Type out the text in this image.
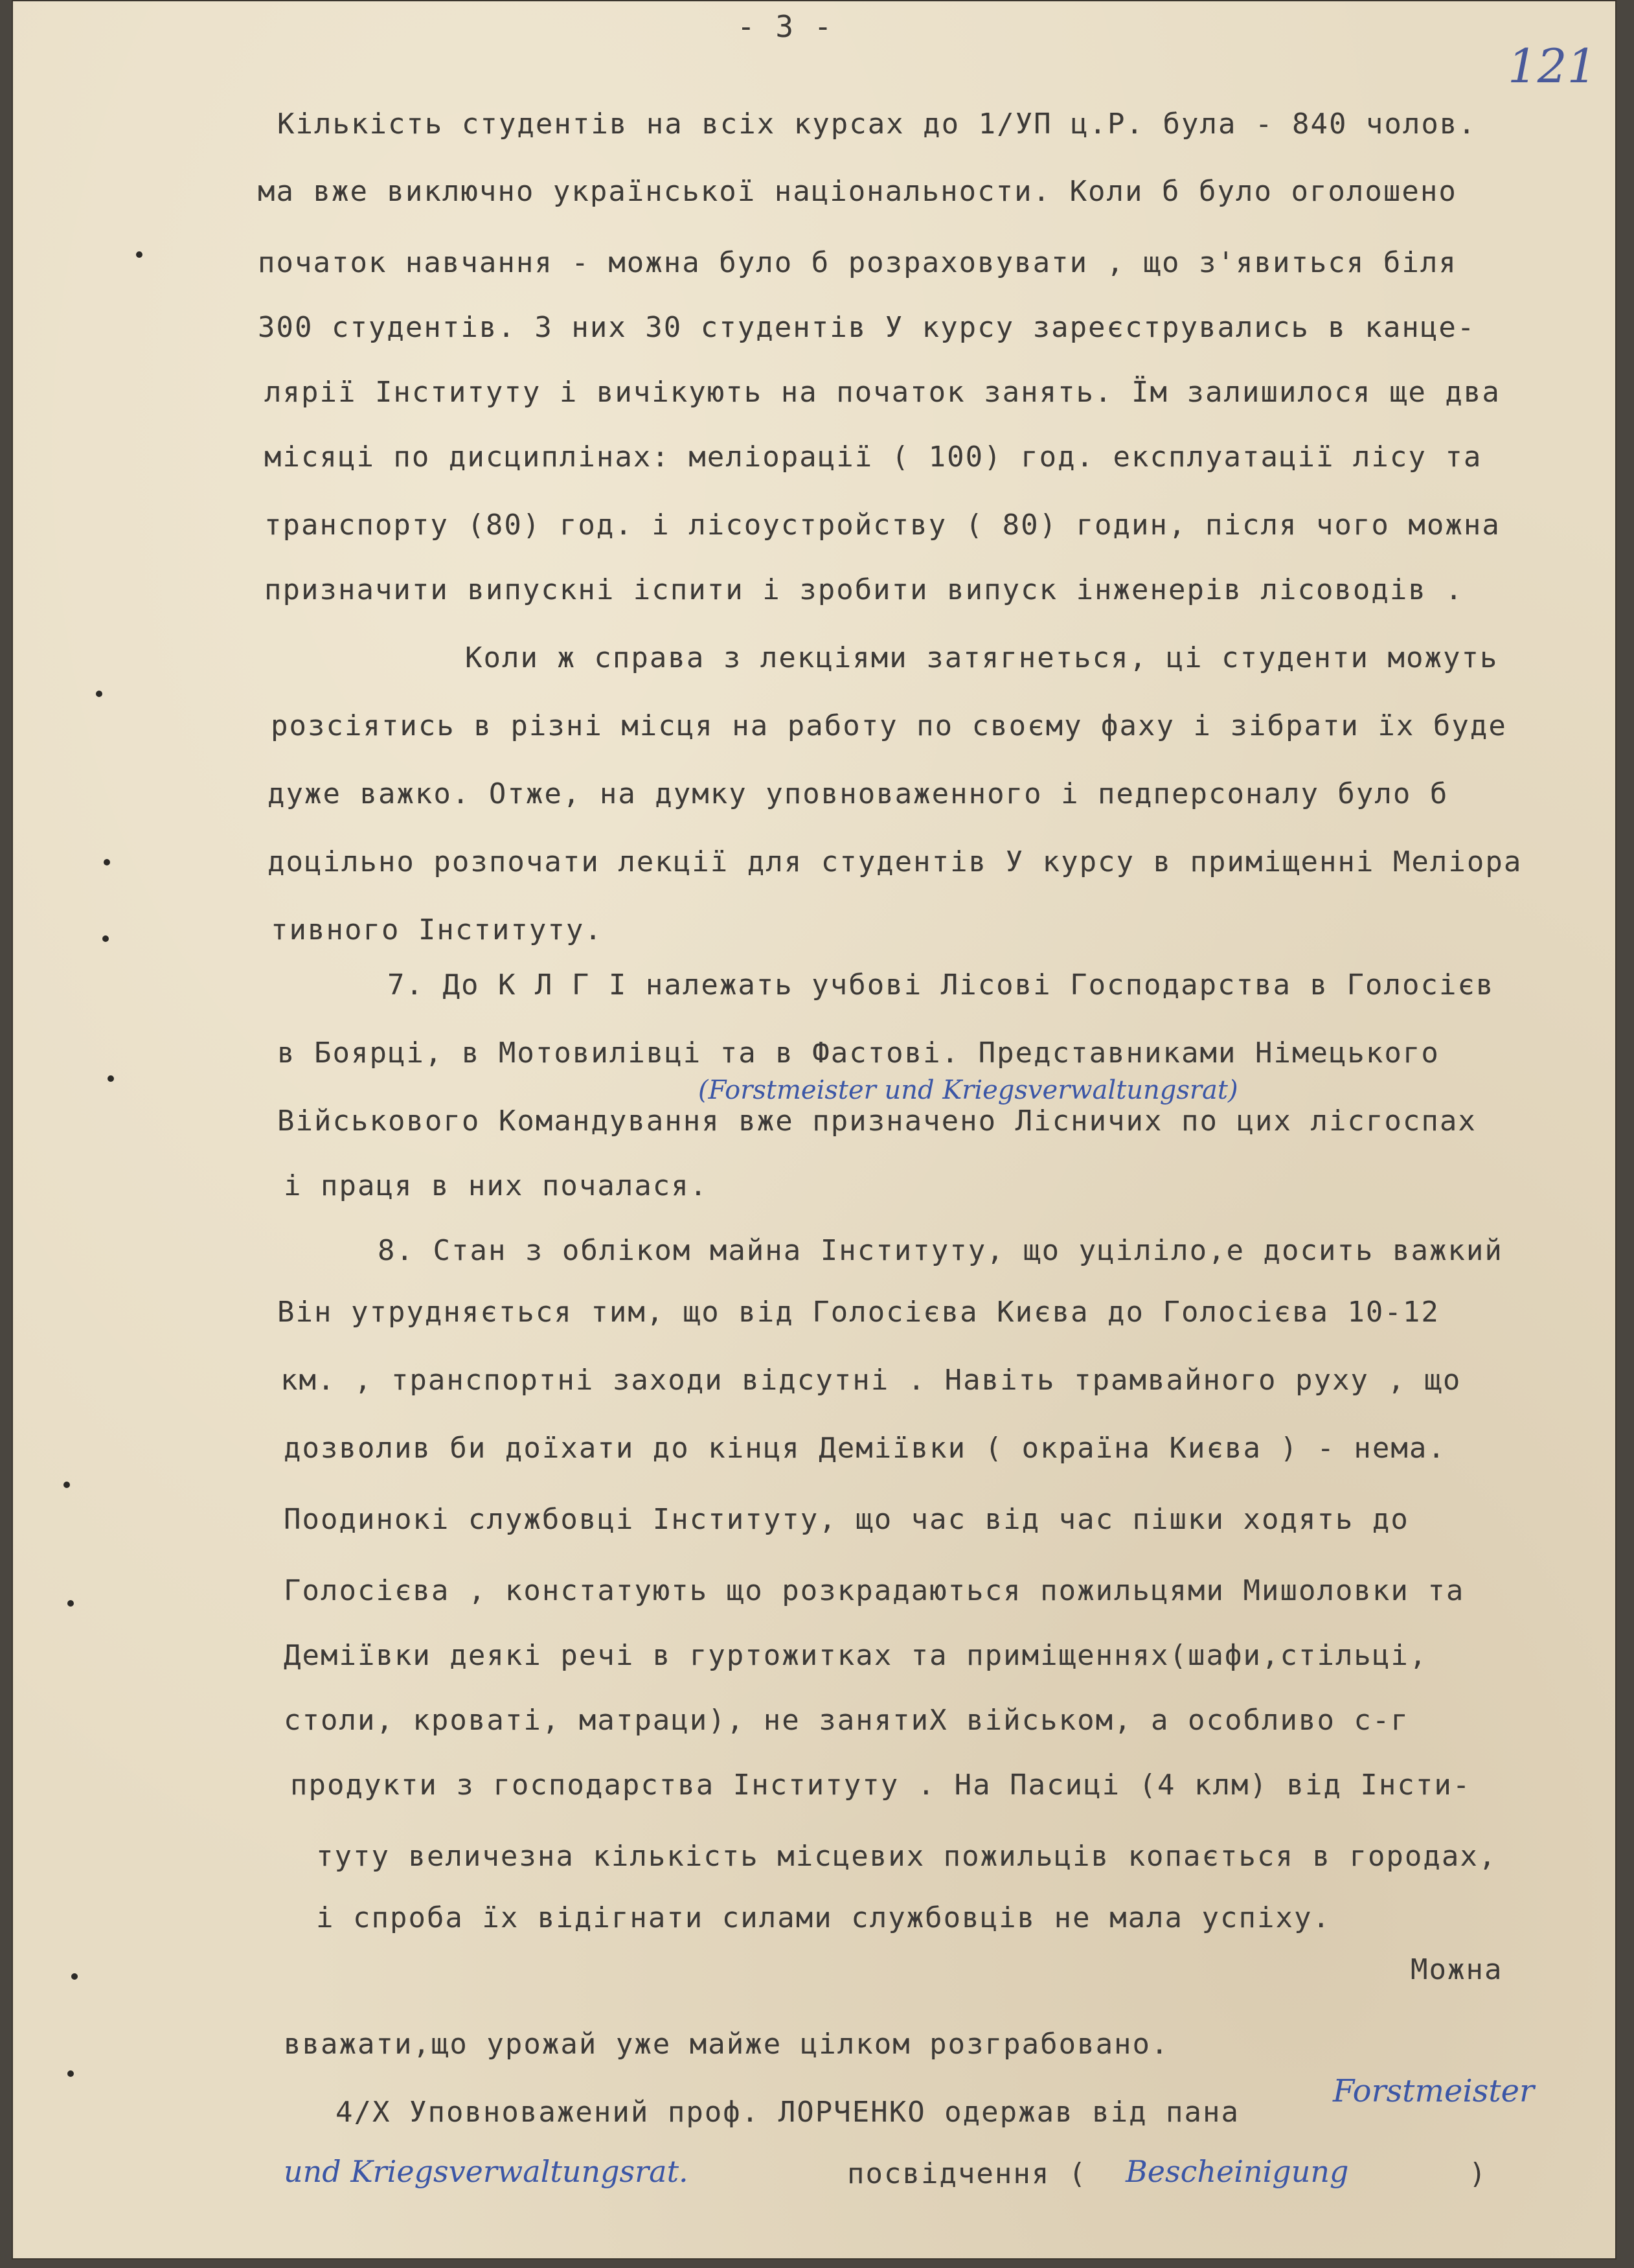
- 3 -
121
Кількість студентів на всіх курсах до 1/УП ц.Р. була - 840 чолов.
ма вже виключно української національности. Коли б було оголошено
початок навчання - можна було б розраховувати , що з'явиться біля
300 студентів. З них 30 студентів У курсу зареєструвались в канце-
лярії Інституту і вичікують на початок занять. Їм залишилося ще два
місяці по дисциплінах: меліорації ( 100) год. експлуатації лісу та
транспорту (80) год. і лісоустройству ( 80) годин, після чого можна
призначити випускні іспити і зробити випуск інженерів лісоводів .
Коли ж справа з лекціями затягнеться, ці студенти можуть
розсіятись в різні місця на работу по своєму фаху і зібрати їх буде
дуже важко. Отже, на думку уповноваженного і педперсоналу було б
доцільно розпочати лекції для студентів У курсу в приміщенні Меліора
тивного Інституту.
7. До К Л Г І належать учбові Лісові Господарства в Голосієв
в Боярці, в Мотовилівці та в Фастові. Представниками Німецького
(Forstmeister und Kriegsverwaltungsrat)
Військового Командування вже призначено Лісничих по цих лісгоспах
і праця в них почалася.
8. Стан з обліком майна Інституту, що уцілілo,е досить важкий
Він утрудняється тим, що від Голосієва Києва до Голосієва 10-12
км. , транспортні заходи відсутні . Навіть трамвайного руху , що
дозволив би доїхати до кінця Деміївки ( окраїна Києва ) - нема.
Поодинокі службовці Інституту, що час від час пішки ходять до
Голосієва , констатують що розкрадаються пожильцями Мишоловки та
Деміївки деякі речі в гуртожитках та приміщеннях(шафи,стільці,
столи, кроваті, матраци), не занятиХ військом, а особливо с-г
продукти з господарства Інституту . На Пасиці (4 клм) від Інсти-
туту величезна кількість місцевих пожильців копається в городах,
і спроба їх відігнати силами службовців не мала успіху.
Можна
вважати,що урожай уже майже цілком розграбовано.
4/Х Уповноважений проф. ЛОРЧЕНКО одержав від пана
Forstmeister
und Kriegsverwaltungsrat.	посвідчення ( Bescheinigung	)
